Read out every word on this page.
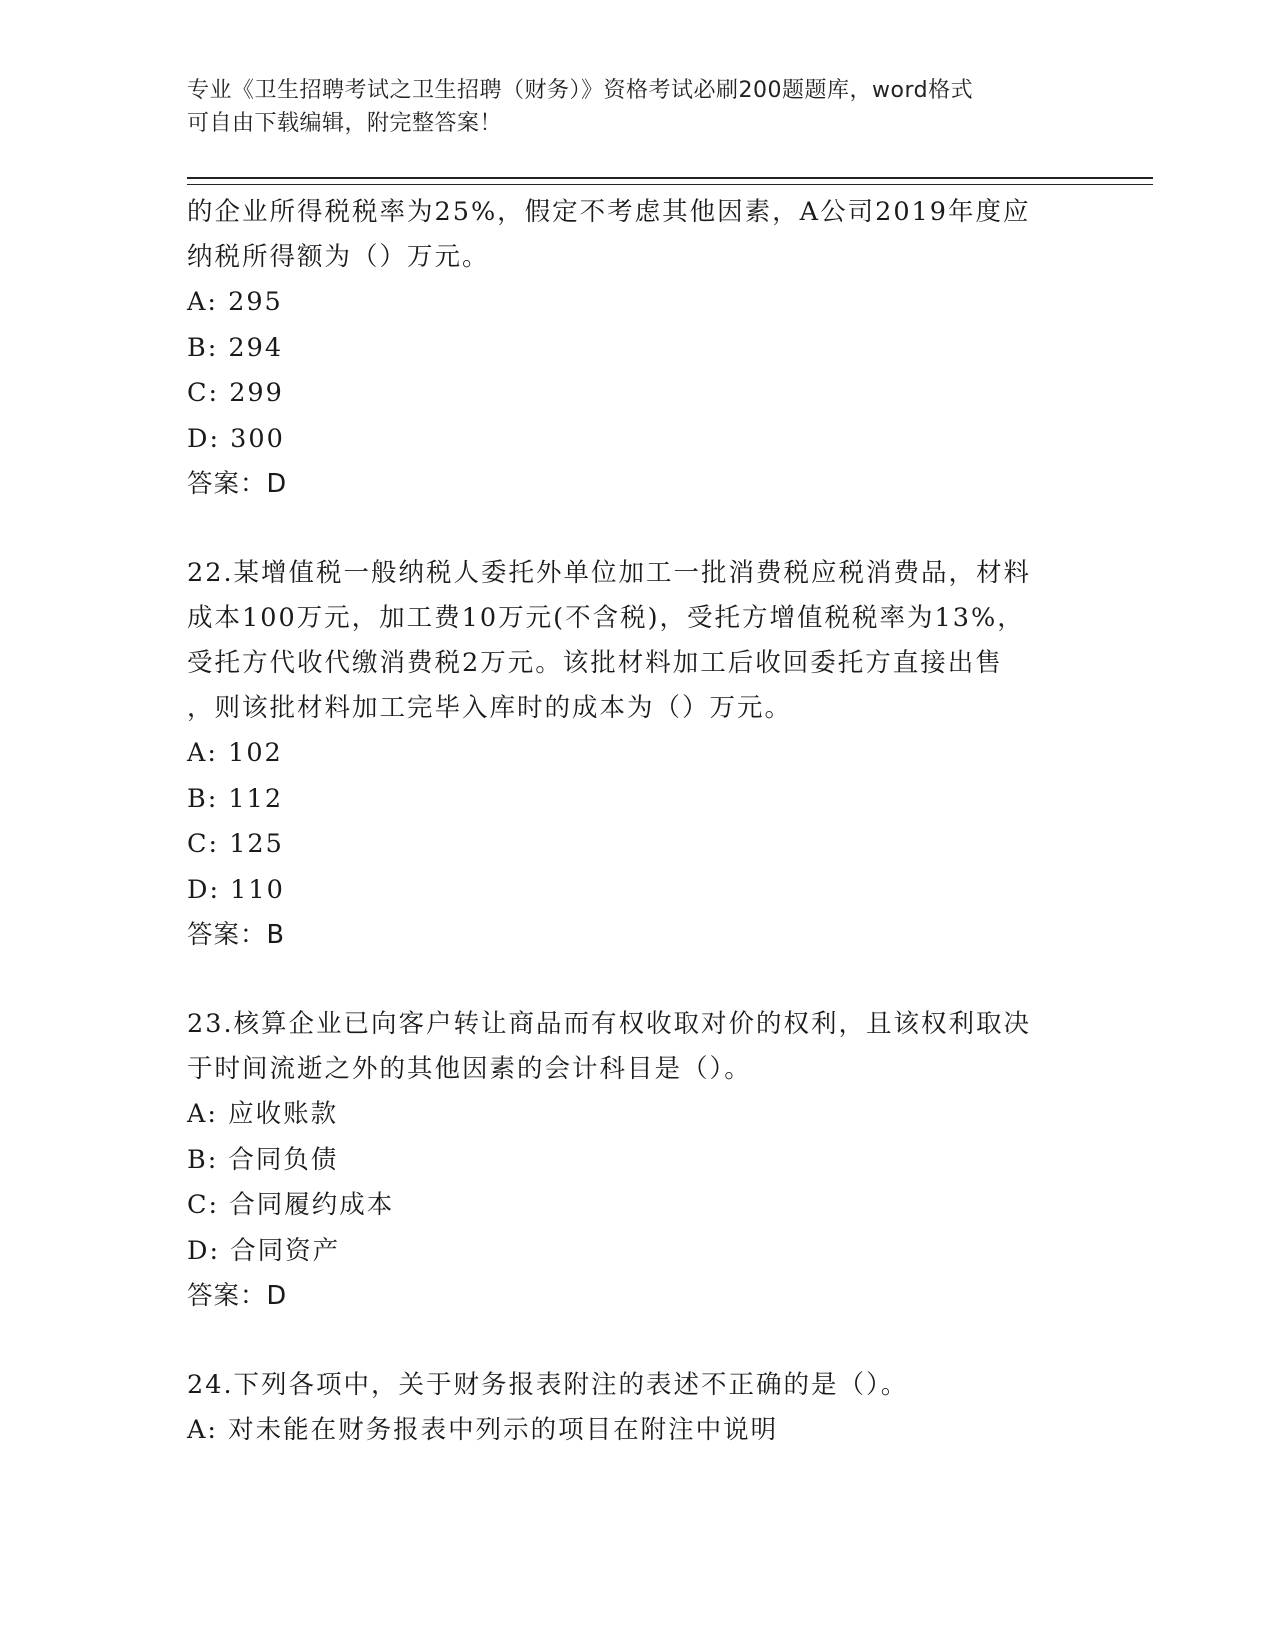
专业《卫生招聘考试之卫生招聘（财务）》资格考试必刷200题题库，word格式
可自由下载编辑，附完整答案！

的企业所得税税率为25%，假定不考虑其他因素，A公司2019年度应

纳税所得额为（）万元。

A: 295

B: 294

C: 299

D: 300

答案：D

22.某增值税一般纳税人委托外单位加工一批消费税应税消费品，材料

成本100万元，加工费10万元(不含税)，受托方增值税税率为13%，

受托方代收代缴消费税2万元。该批材料加工后收回委托方直接出售

，则该批材料加工完毕入库时的成本为（）万元。

A: 102

B: 112

C: 125

D: 110

答案：B

23.核算企业已向客户转让商品而有权收取对价的权利，且该权利取决

于时间流逝之外的其他因素的会计科目是（）。

A: 应收账款

B: 合同负债

C: 合同履约成本

D: 合同资产

答案：D

24.下列各项中，关于财务报表附注的表述不正确的是（）。

A: 对未能在财务报表中列示的项目在附注中说明
